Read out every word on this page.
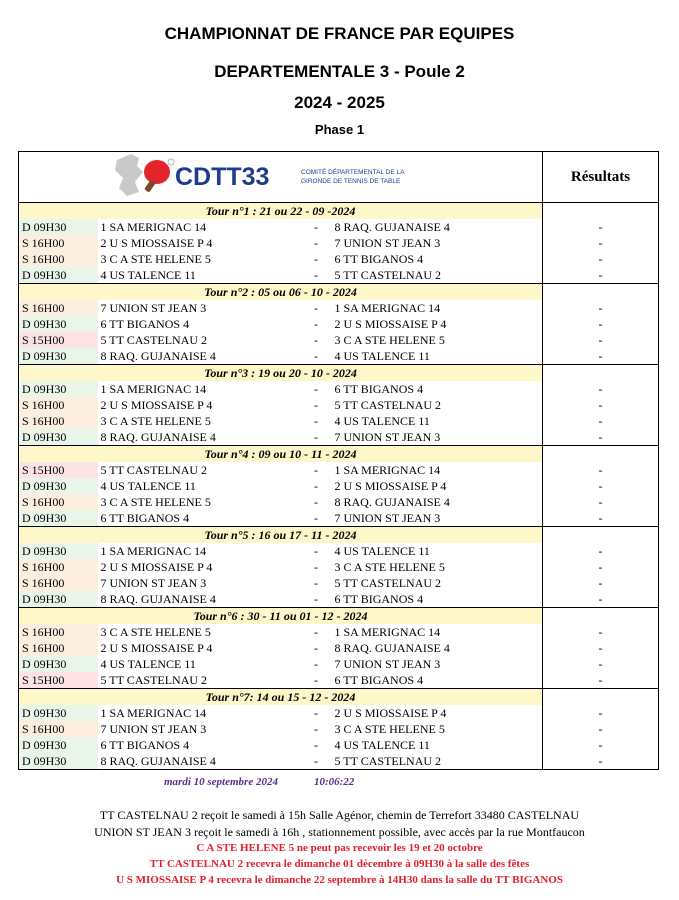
CHAMPIONNAT DE FRANCE PAR EQUIPES
DEPARTEMENTALE 3 - Poule 2
2024 - 2025
Phase 1
CDTT33 COMITÉ DÉPARTEMENTAL DE LA
GIRONDE DE TENNIS DE TABLE				Résultats
Tour n°1 : 21 ou 22 - 09 -2024				
D 09H30	1 SA MERIGNAC 14	-	8 RAQ. GUJANAISE 4	-
S 16H00	2 U S MIOSSAISE P 4	-	7 UNION ST JEAN 3	-
S 16H00	3 C A STE HELENE 5	-	6 TT BIGANOS 4	-
D 09H30	4 US TALENCE 11	-	5 TT CASTELNAU 2	-
Tour n°2 : 05 ou 06 - 10 - 2024				
S 16H00	7 UNION ST JEAN 3	-	1 SA MERIGNAC 14	-
D 09H30	6 TT BIGANOS 4	-	2 U S MIOSSAISE P 4	-
S 15H00	5 TT CASTELNAU 2	-	3 C A STE HELENE 5	-
D 09H30	8 RAQ. GUJANAISE 4	-	4 US TALENCE 11	-
Tour n°3 : 19 ou 20 - 10 - 2024				
D 09H30	1 SA MERIGNAC 14	-	6 TT BIGANOS 4	-
S 16H00	2 U S MIOSSAISE P 4	-	5 TT CASTELNAU 2	-
S 16H00	3 C A STE HELENE 5	-	4 US TALENCE 11	-
D 09H30	8 RAQ. GUJANAISE 4	-	7 UNION ST JEAN 3	-
Tour n°4 : 09 ou 10 - 11 - 2024				
S 15H00	5 TT CASTELNAU 2	-	1 SA MERIGNAC 14	-
D 09H30	4 US TALENCE 11	-	2 U S MIOSSAISE P 4	-
S 16H00	3 C A STE HELENE 5	-	8 RAQ. GUJANAISE 4	-
D 09H30	6 TT BIGANOS 4	-	7 UNION ST JEAN 3	-
Tour n°5 : 16 ou 17 - 11 - 2024				
D 09H30	1 SA MERIGNAC 14	-	4 US TALENCE 11	-
S 16H00	2 U S MIOSSAISE P 4	-	3 C A STE HELENE 5	-
S 16H00	7 UNION ST JEAN 3	-	5 TT CASTELNAU 2	-
D 09H30	8 RAQ. GUJANAISE 4	-	6 TT BIGANOS 4	-
Tour n°6 : 30 - 11 ou 01 - 12 - 2024				
S 16H00	3 C A STE HELENE 5	-	1 SA MERIGNAC 14	-
S 16H00	2 U S MIOSSAISE P 4	-	8 RAQ. GUJANAISE 4	-
D 09H30	4 US TALENCE 11	-	7 UNION ST JEAN 3	-
S 15H00	5 TT CASTELNAU 2	-	6 TT BIGANOS 4	-
Tour n°7: 14 ou 15 - 12 - 2024				
D 09H30	1 SA MERIGNAC 14	-	2 U S MIOSSAISE P 4	-
S 16H00	7 UNION ST JEAN 3	-	3 C A STE HELENE 5	-
D 09H30	6 TT BIGANOS 4	-	4 US TALENCE 11	-
D 09H30	8 RAQ. GUJANAISE 4	-	5 TT CASTELNAU 2	-
mardi 10 septembre 2024	10:06:22
TT CASTELNAU 2 reçoit le samedi à 15h Salle Agénor, chemin de Terrefort 33480 CASTELNAU
UNION ST JEAN 3 reçoit le samedi à 16h , stationnement possible, avec accès par la rue Montfaucon
C A STE HELENE 5 ne peut pas recevoir les 19 et 20 octobre
TT CASTELNAU 2 recevra le dimanche 01 décembre à 09H30 à la salle des fêtes
U S MIOSSAISE P 4 recevra le dimanche 22 septembre à 14H30 dans la salle du TT BIGANOS
